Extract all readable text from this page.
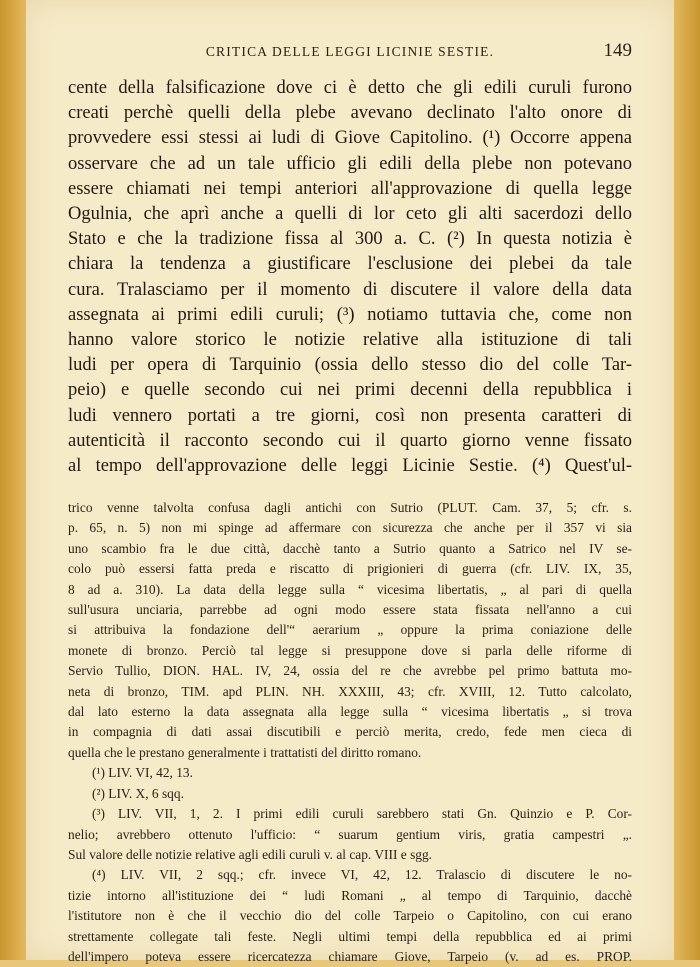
CRITICA DELLE LEGGI LICINIE SESTIE.	149
cente della falsificazione dove ci è detto che gli edili curuli furono
creati perchè quelli della plebe avevano declinato l'alto onore di
provvedere essi stessi ai ludi di Giove Capitolino. (¹) Occorre appena
osservare che ad un tale ufficio gli edili della plebe non potevano
essere chiamati nei tempi anteriori all'approvazione di quella legge
Ogulnia, che aprì anche a quelli di lor ceto gli alti sacerdozi dello
Stato e che la tradizione fissa al 300 a. C. (²) In questa notizia è
chiara la tendenza a giustificare l'esclusione dei plebei da tale
cura. Tralasciamo per il momento di discutere il valore della data
assegnata ai primi edili curuli; (³) notiamo tuttavia che, come non
hanno valore storico le notizie relative alla istituzione di tali
ludi per opera di Tarquinio (ossia dello stesso dio del colle Tar-
peio) e quelle secondo cui nei primi decenni della repubblica i
ludi vennero portati a tre giorni, così non presenta caratteri di
autenticità il racconto secondo cui il quarto giorno venne fissato
al tempo dell'approvazione delle leggi Licinie Sestie. (⁴) Quest'ul-
trico venne talvolta confusa dagli antichi con Sutrio (PLUT. Cam. 37, 5; cfr. s.
p. 65, n. 5) non mi spinge ad affermare con sicurezza che anche per il 357 vi sia
uno scambio fra le due città, dacchè tanto a Sutrio quanto a Satrico nel IV se-
colo può essersi fatta preda e riscatto di prigionieri di guerra (cfr. LIV. IX, 35,
8 ad a. 310). La data della legge sulla “ vicesima libertatis, „ al pari di quella
sull'usura unciaria, parrebbe ad ogni modo essere stata fissata nell'anno a cui
si attribuiva la fondazione dell'“ aerarium „ oppure la prima coniazione delle
monete di bronzo. Perciò tal legge si presuppone dove si parla delle riforme di
Servio Tullio, DION. HAL. IV, 24, ossia del re che avrebbe pel primo battuta mo-
neta di bronzo, TIM. apd PLIN. NH. XXXIII, 43; cfr. XVIII, 12. Tutto calcolato,
dal lato esterno la data assegnata alla legge sulla “ vicesima libertatis „ si trova
in compagnia di dati assai discutibili e perciò merita, credo, fede men cieca di
quella che le prestano generalmente i trattatisti del diritto romano.
(¹) LIV. VI, 42, 13.
(²) LIV. X, 6 sqq.
(³) LIV. VII, 1, 2. I primi edili curuli sarebbero stati Gn. Quinzio e P. Cor-
nelio; avrebbero ottenuto l'ufficio: “ suarum gentium viris, gratia campestri „.
Sul valore delle notizie relative agli edili curuli v. al cap. VIII e sgg.
(⁴) LIV. VII, 2 sqq.; cfr. invece VI, 42, 12. Tralascio di discutere le no-
tizie intorno all'istituzione dei “ ludi Romani „ al tempo di Tarquinio, dacchè
l'istitutore non è che il vecchio dio del colle Tarpeio o Capitolino, con cui erano
strettamente collegate tali feste. Negli ultimi tempi della repubblica ed ai primi
dell'impero poteva essere ricercatezza chiamare Giove, Tarpeio (v. ad es. PROP.
